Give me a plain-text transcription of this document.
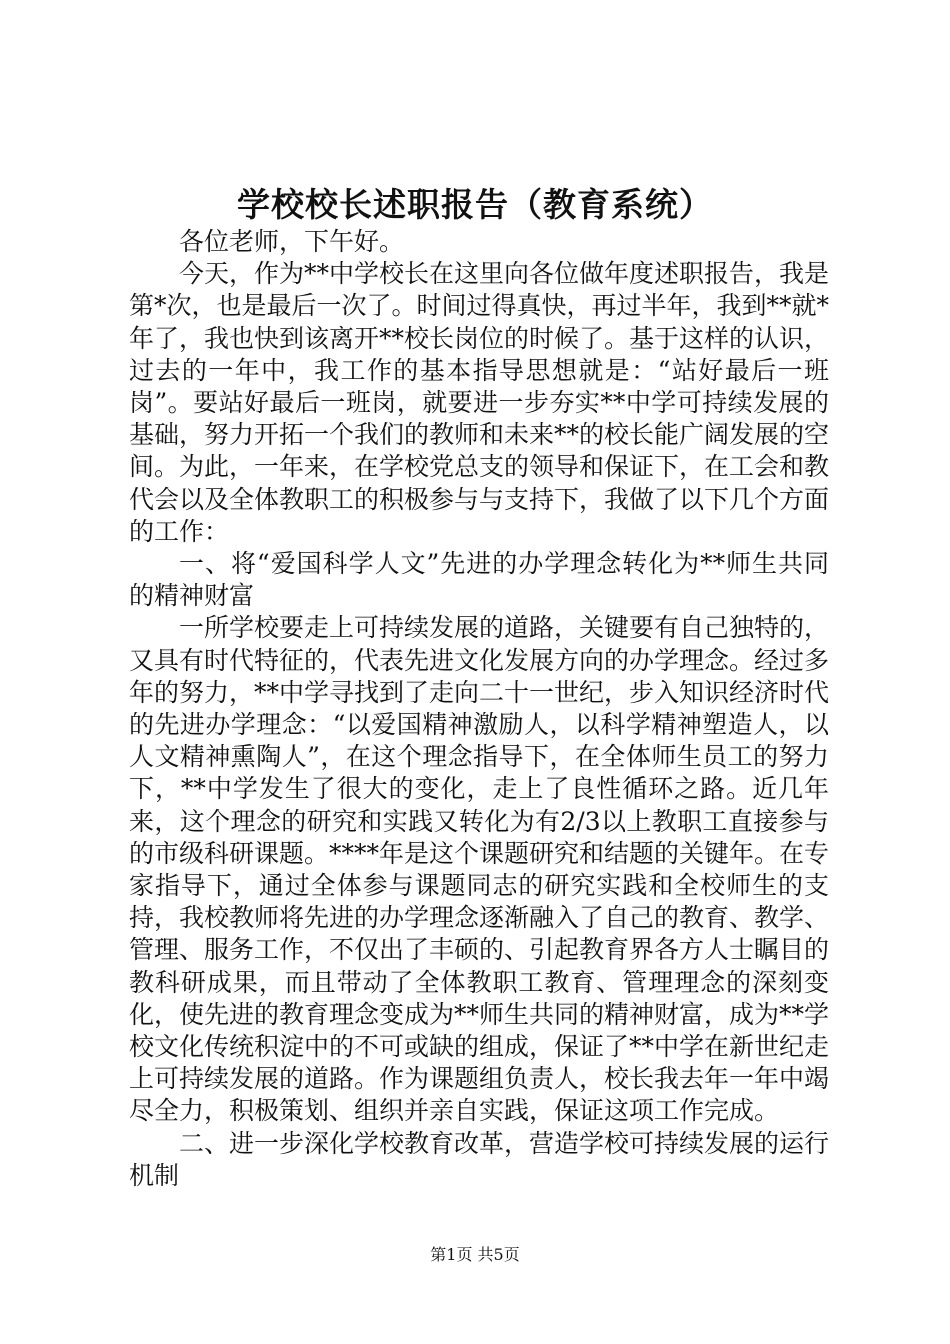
学校校长述职报告（教育系统）

各位老师，下午好。

今天，作为**中学校长在这里向各位做年度述职报告，我是第*次，也是最后一次了。时间过得真快，再过半年，我到**就*年了，我也快到该离开**校长岗位的时候了。基于这样的认识，过去的一年中，我工作的基本指导思想就是：“站好最后一班岗”。要站好最后一班岗，就要进一步夯实**中学可持续发展的基础，努力开拓一个我们的教师和未来**的校长能广阔发展的空间。为此，一年来，在学校党总支的领导和保证下，在工会和教代会以及全体教职工的积极参与与支持下，我做了以下几个方面的工作：

一、将“爱国科学人文”先进的办学理念转化为**师生共同的精神财富

一所学校要走上可持续发展的道路，关键要有自己独特的，又具有时代特征的，代表先进文化发展方向的办学理念。经过多年的努力，**中学寻找到了走向二十一世纪，步入知识经济时代的先进办学理念：“以爱国精神激励人，以科学精神塑造人，以人文精神熏陶人”，在这个理念指导下，在全体师生员工的努力下，**中学发生了很大的变化，走上了良性循环之路。近几年来，这个理念的研究和实践又转化为有2/3以上教职工直接参与的市级科研课题。****年是这个课题研究和结题的关键年。在专家指导下，通过全体参与课题同志的研究实践和全校师生的支持，我校教师将先进的办学理念逐渐融入了自己的教育、教学、管理、服务工作，不仅出了丰硕的、引起教育界各方人士瞩目的教科研成果，而且带动了全体教职工教育、管理理念的深刻变化，使先进的教育理念变成为**师生共同的精神财富，成为**学校文化传统积淀中的不可或缺的组成，保证了**中学在新世纪走上可持续发展的道路。作为课题组负责人，校长我去年一年中竭尽全力，积极策划、组织并亲自实践，保证这项工作完成。

二、进一步深化学校教育改革，营造学校可持续发展的运行机制

第1页 共5页
